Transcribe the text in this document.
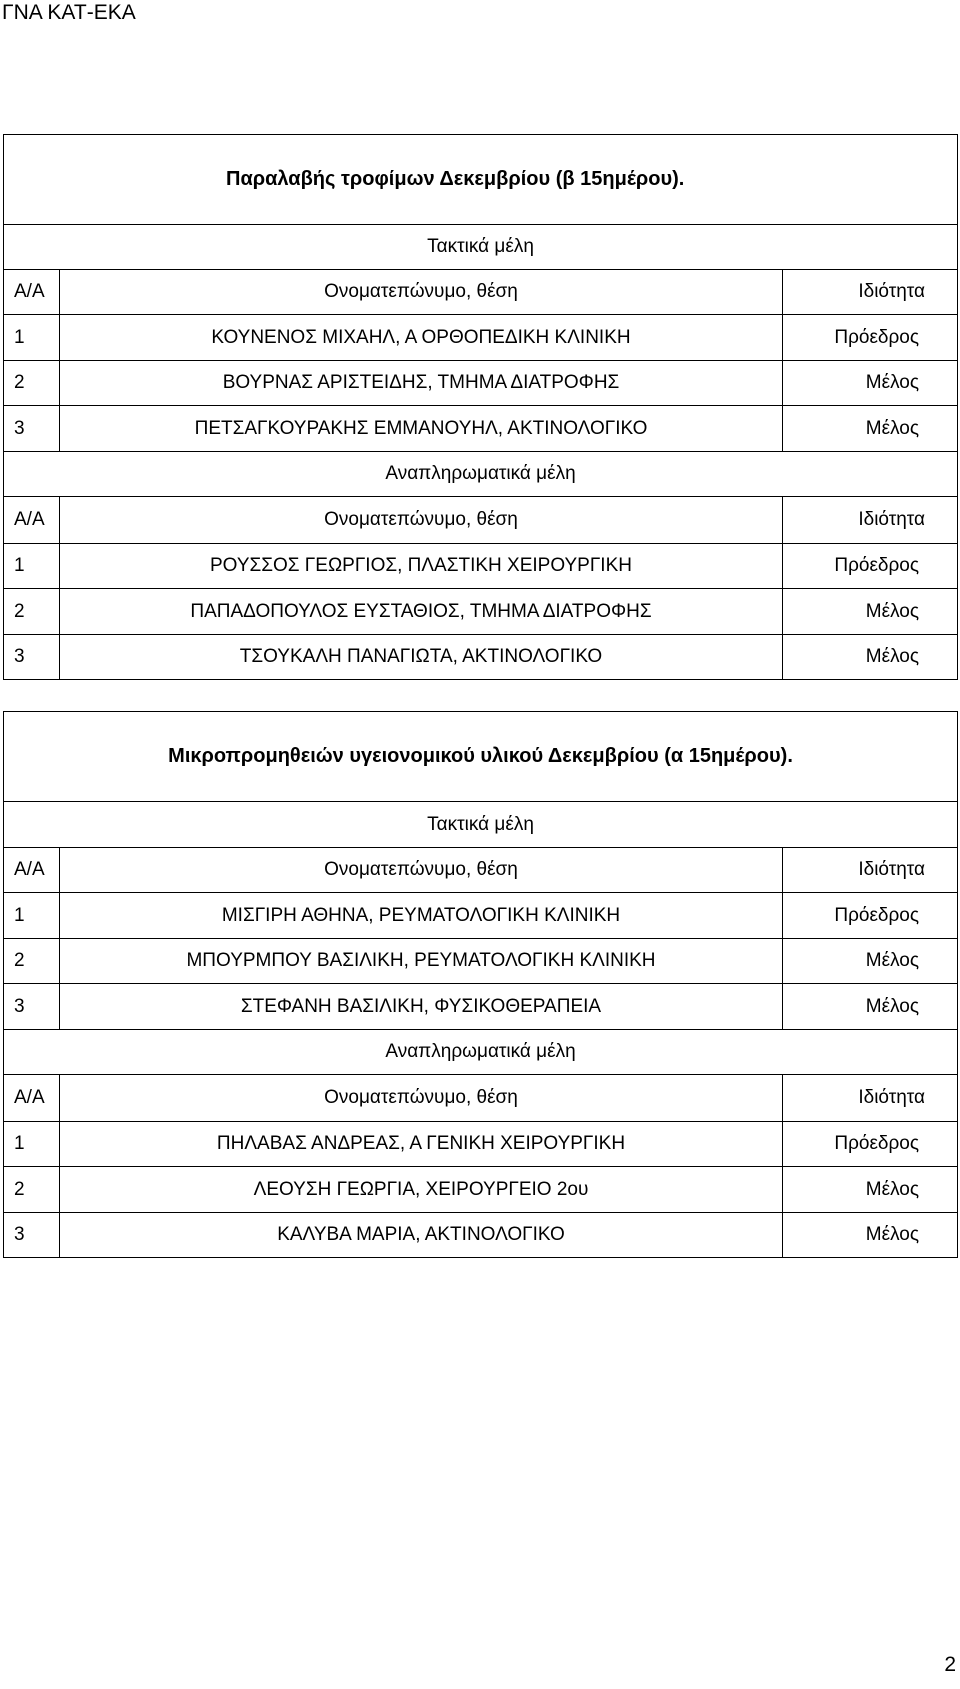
ΓΝΑ ΚΑΤ-ΕΚΑ
Παραλαβής τροφίμων Δεκεμβρίου (β 15ημέρου).		
Τακτικά μέλη		
Α/Α	Ονοματεπώνυμο, θέση	Ιδιότητα
1	ΚΟΥΝΕΝΟΣ ΜΙΧΑΗΛ, Α ΟΡΘΟΠΕΔΙΚΗ ΚΛΙΝΙΚΗ	Πρόεδρος
2	ΒΟΥΡΝΑΣ ΑΡΙΣΤΕΙΔΗΣ, ΤΜΗΜΑ ΔΙΑΤΡΟΦΗΣ	Μέλος
3	ΠΕΤΣΑΓΚΟΥΡΑΚΗΣ ΕΜΜΑΝΟΥΗΛ, ΑΚΤΙΝΟΛΟΓΙΚΟ	Μέλος
Αναπληρωματικά μέλη		
Α/Α	Ονοματεπώνυμο, θέση	Ιδιότητα
1	ΡΟΥΣΣΟΣ ΓΕΩΡΓΙΟΣ, ΠΛΑΣΤΙΚΗ ΧΕΙΡΟΥΡΓΙΚΗ	Πρόεδρος
2	ΠΑΠΑΔΟΠΟΥΛΟΣ ΕΥΣΤΑΘΙΟΣ, ΤΜΗΜΑ ΔΙΑΤΡΟΦΗΣ	Μέλος
3	ΤΣΟΥΚΑΛΗ ΠΑΝΑΓΙΩΤΑ, ΑΚΤΙΝΟΛΟΓΙΚΟ	Μέλος
Μικροπρομηθειών υγειονομικού υλικού Δεκεμβρίου (α 15ημέρου).		
Τακτικά μέλη		
Α/Α	Ονοματεπώνυμο, θέση	Ιδιότητα
1	ΜΙΣΓΙΡΗ ΑΘΗΝΑ, ΡΕΥΜΑΤΟΛΟΓΙΚΗ ΚΛΙΝΙΚΗ	Πρόεδρος
2	ΜΠΟΥΡΜΠΟΥ ΒΑΣΙΛΙΚΗ, ΡΕΥΜΑΤΟΛΟΓΙΚΗ ΚΛΙΝΙΚΗ	Μέλος
3	ΣΤΕΦΑΝΗ ΒΑΣΙΛΙΚΗ, ΦΥΣΙΚΟΘΕΡΑΠΕΙΑ	Μέλος
Αναπληρωματικά μέλη		
Α/Α	Ονοματεπώνυμο, θέση	Ιδιότητα
1	ΠΗΛΑΒΑΣ ΑΝΔΡΕΑΣ, Α ΓΕΝΙΚΗ ΧΕΙΡΟΥΡΓΙΚΗ	Πρόεδρος
2	ΛΕΟΥΣΗ ΓΕΩΡΓΙΑ, ΧΕΙΡΟΥΡΓΕΙΟ 2ου	Μέλος
3	ΚΑΛΥΒΑ ΜΑΡΙΑ, ΑΚΤΙΝΟΛΟΓΙΚΟ	Μέλος
2
